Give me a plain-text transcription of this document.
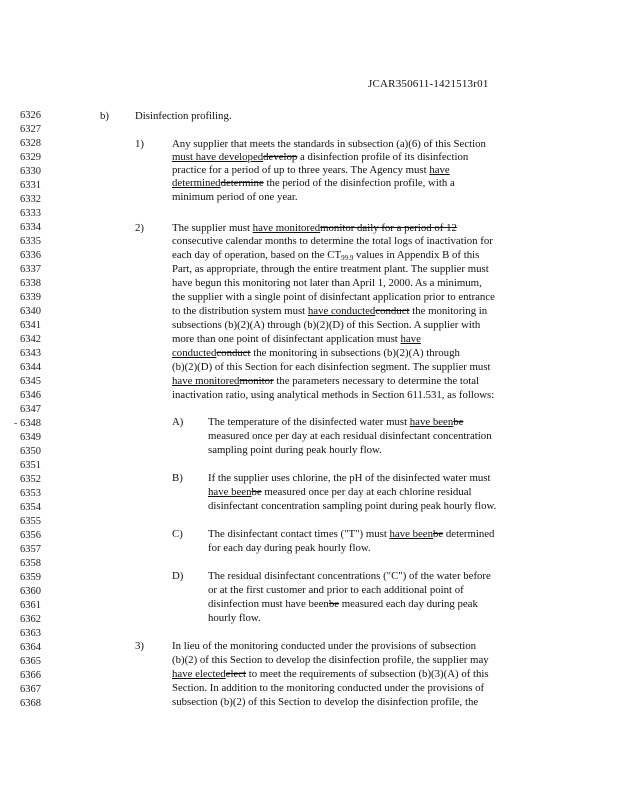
JCAR350611-1421513r01
6326
6327
6328
6329
6330
6331
6332
6333
6334
6335
6336
6337
6338
6339
6340
6341
6342
6343
6344
6345
6346
6347
6348
6349
6350
6351
6352
6353
6354
6355
6356
6357
6358
6359
6360
6361
6362
6363
6364
6365
6366
6367
6368
-
b) Disinfection profiling.
1)	Any supplier that meets the standards in subsection (a)(6) of this Section
must have developeddevelop a disinfection profile of its disinfection
practice for a period of up to three years. The Agency must have
determineddetermine the period of the disinfection profile, with a
minimum period of one year.
2)	The supplier must have monitoredmonitor daily for a period of 12
consecutive calendar months to determine the total logs of inactivation for
each day of operation, based on the $CT_{99.9}$ values in Appendix B of this
Part, as appropriate, through the entire treatment plant. The supplier must
have begun this monitoring not later than April 1, 2000. As a minimum,
the supplier with a single point of disinfectant application prior to entrance
to the distribution system must have conductedconduct the monitoring in
subsections (b)(2)(A) through (b)(2)(D) of this Section. A supplier with
more than one point of disinfectant application must have
conductedconduct the monitoring in subsections (b)(2)(A) through
(b)(2)(D) of this Section for each disinfection segment. The supplier must
have monitoredmonitor the parameters necessary to determine the total
inactivation ratio, using analytical methods in Section 611.531, as follows:
A) The temperature of the disinfected water must have beenbe
measured once per day at each residual disinfectant concentration
sampling point during peak hourly flow.
B) If the supplier uses chlorine, the pH of the disinfected water must
have beenbe measured once per day at each chlorine residual
disinfectant concentration sampling point during peak hourly flow.
C) The disinfectant contact times ("T") must have beenbe determined
for each day during peak hourly flow.
D) The residual disinfectant concentrations ("C") of the water before
or at the first customer and prior to each additional point of
disinfection must have beenbe measured each day during peak
hourly flow.
3)	In lieu of the monitoring conducted under the provisions of subsection
(b)(2) of this Section to develop the disinfection profile, the supplier may
have electedelect to meet the requirements of subsection (b)(3)(A) of this
Section. In addition to the monitoring conducted under the provisions of
subsection (b)(2) of this Section to develop the disinfection profile, the
